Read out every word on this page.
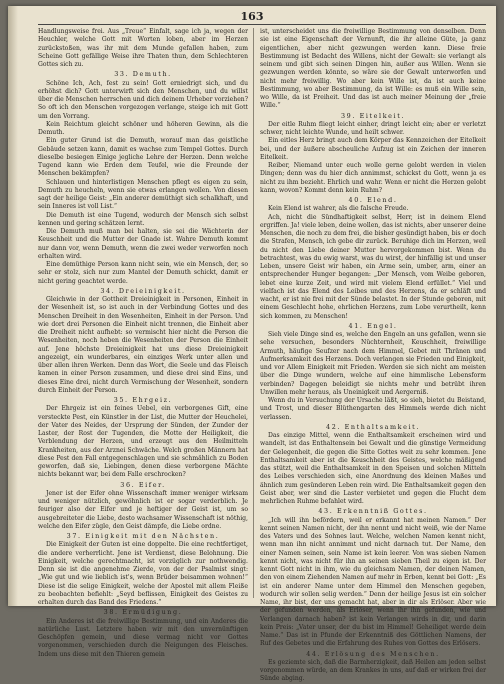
163

Handlungsweise frei. Aus „Treue“ Einfalt, sage ich ja, wegen der Heuchler, welche Gott mit Worten loben, aber im Herzen zurückstoßen, was ihr mit dem Munde gefallen haben, zum Scheine Gott gefällige Weise ihre Thaten thun, dem Schlechteren Gottes sich zu.

33. Demuth.

Schöne Ich, Ach, fest zu sein! Gott erniedrigt sich, und du erhöhst dich? Gott unterwirft sich den Menschen, und du willst über die Menschen herrschen und dich deinem Urheber vorziehen? So oft ich den Menschen vorgezogen verlange, steige ich mit Gott um den Vorrang.

Kein Reichtum gleicht schöner und höheren Gewinn, als die Demuth.

Ein guter Grund ist die Demuth, worauf man das geistliche Gebäude setzen kann, damit es wachse zum Tempel Gottes. Durch dieselbe besiegen Einige jegliche Lehre der Herzen. Denn welche Tugend kann wie Erden dem Teufel, wie die Freunde der Menschen bekämpfen?

Schlauen und hinterlistigen Menschen pflegt es eigen zu sein, Demuth zu heucheln, wenn sie etwas erlangen wollen. Von diesen sagt der heilige Geist: „Ein anderer demüthigt sich schalkhaft, und sein Inneres ist voll List.“

Die Demuth ist eine Tugend, wodurch der Mensch sich selbst kennen und gering schätzen lernt.

Die Demuth muß man bei halten, sie sei die Wächterin der Keuschheit und die Mutter der Gnade ist. Wahre Demuth kommt nur dann vor, wenn Demuth, wenn die zwei weder verworfen noch erhalten wird.

Eine demüthige Person kann nicht sein, wie ein Mensch, der, so sehr er stolz, sich nur zum Mantel der Demuth schickt, damit er nicht gering geachtet werde.

34. Dreieinigkeit.

Gleichwie in der Gottheit Dreieinigkeit in Personen, Einheit in der Wesenheit ist, so ist auch in der Verbindung Gottes und des Menschen Dreiheit in den Wesenheiten, Einheit in der Person. Und wie dort drei Personen die Einheit nicht trennen, die Einheit aber die Dreiheit nicht aufhebt: so vermischt hier nicht die Person die Wesenheiten, noch heben die Wesenheiten der Person die Einheit auf. Jene höchste Dreieinigkeit hat uns diese Dreieinigkeit angezeigt, ein wunderbares, ein einziges Werk unter allen und über allen ihren Werken. Denn das Wort, die Seele und das Fleisch kamen in einer Person zusammen, und diese drei sind Eins, und dieses Eine drei, nicht durch Vermischung der Wesenheit, sondern durch Einheit der Person.

35. Ehrgeiz.

Der Ehrgeiz ist ein feines Uebel, ein verborgenes Gift, eine versteckte Pest, ein Künstler in der List, die Mutter der Heuchelei, der Vater des Neides, der Ursprung der Sünden, der Zunder der Laster, der Rost der Tugenden, die Motte der Heiligkeit, die Verblendung der Herzen, und erzeugt aus den Heilmitteln Krankheiten, aus der Arznei Schwäche. Welch großen Männern hat diese Pest den Fall entgegenschlagen und sie schmählich zu Boden geworfen, daß sie, Liebingen, denen diese verborgene Mächte nichts bekannt war, bei dem Falle erschrocken?

36. Eifer.

Jener ist der Eifer ohne Wissenschaft immer weniger wirksam und weniger nützlich, gewöhnlich ist er sogar verderblich. Je feuriger also der Eifer und je heftiger der Geist ist, um so ausgebreiteter die Liebe, desto wachsamer Wissenschaft ist nöthig, welche den Eifer zügle, den Geist dämpfe, die Liebe ordne.

37. Einigkeit mit den Nächsten.

Die Einigkeit der Guten ist eine doppelte. Die eine rechtfertiget, die andere verherrlicht. Jene ist Verdienst, diese Belohnung. Die Einigkeit, welche gerechtmacht, ist vorzüglich zur nothwendig. Denn sie ist die angenehme Zierde, von der der Psalmist singt: „Wie gut und wie lieblich ist's, wenn Brüder beisammen wohnen!“ Diese ist die selige Einigkeit, welche der Apostel mit allem Fleiße zu beobachten befiehlt: „Seyd beflissen, Einigkeit des Geistes zu erhalten durch das Band des Friedens.“

38. Ermüdigung.

Ein Anderes ist die freiwillige Bestimmung, und ein Anderes die natürliche Lust. Letztere haben wir mit den unvernünftigen Geschöpfen gemein, und diese vermag nicht vor Gottes vorgenommen, verschieden durch die Neigungen des Fleisches. Indem uns diese mit den Thieren gemein

ist, unterscheidet uns die freiwillige Bestimmung von denselben. Denn sie ist eine Eigenschaft der Vernunft, die ihr alleine Güte, ja ganz eigentlichen, aber nicht gezwungen werden kann. Diese freie Bestimmung ist Bedacht des Willens, nicht der Gewalt: sie verlangt als seinem und gibt sich seinen Dingen hin, außer aus Willen. Wenn sie gezwungen werden könnte, so wäre sie der Gewalt unterworfen und nicht mehr freiwillig. Wo aber kein Wille ist, da ist auch keine Bestimmung, wo aber Bestimmung, da ist Wille: es muß ein Wille sein, wo Wille, da ist Freiheit. Und das ist auch meiner Meinung der „freie Wille.“

39. Eitelkeit.

Der eitle Ruhm fliegt leicht einher, dringt leicht ein; aber er verletzt schwer, nicht leichte Wunde, und heilt schwer.

Ein eitles Herz bringt auch dem Körper das Kennzeichen der Eitelkeit bei, und der äußere abscheuliche Aufzug ist ein Zeichen der inneren Eitelkeit.

Reiber, Niemand unter euch wolle gerne gelobt werden in vielen Dingen; denn was du hier dich annimmst, schickst du Gott, wenn ja es nicht zu ihm bezieht. Ehrlich und wahr. Wenn er nicht die Herzen gelobt kann, wovon? Kommt denn kein Ruhm?

40. Elend.

Kein Elend ist wahrer, als die falsche Freude.

Ach, nicht die Sündhaftigkeit selbst, Herr, ist in deinem Elend ergriffen. Ja! viele leben, deine wollen, das ist nichts, aber unserer deine Menschen, die noch zu dem frei, die bisher gesündigt haben, bis er doch die Strafen, Mensch, ich gebe dir zurück. Beruhige dich im Herzen, weil du nicht den Liebe deiner Mutter hervorgekommen bist. Wenn du betrachtest, was du ewig warst, was du wirst, der hinfällig ist und unser Leben, unsere Geist wir haben, ein Arme sein, umber, arm, einer an entsprechender Hunger begangen: „Der Mensch, vom Weibe geboren, lebet eine kurze Zeit, und wird mit vielem Elend erfüllet.“ Viel und vielfach ist das Elend des Leibes und des Herzens, da er schläft und wacht, er ist nie frei mit der Sünde belastet. In der Stunde geboren, mit einem Geschlecht hohe, ehrlichen Herzens, zum Lobe verurtheilt, kenn sich kommen, zu Menschen!

41. Engel.

Sieh viele Dinge sind es, welche den Engeln an uns gefallen, wenn sie sehe versuchen, besonders Nüchternheit, Keuschheit, freiwillige Armuth, häufige Seufzer nach dem Himmel, Gebet mit Thränen und Aufmerksamkeit des Herzens. Doch verlangen sie Frieden und Einigkeit, und vor Allem Einigkeit mit Frieden. Werden sie sich nicht am meisten über die Dinge wundern, welche auf eine himmlische Lebensform verbinden? Dagegen beleidigt sie nichts mehr und betrübt ihren Unwillen mehr heraus, als Uneinigkeit und Aergerniß.

Wenn du in Versuchung der Ursache läßt, so sieh, bietet du Beistand, und Trost, und dieser Blüthengarten des Himmels werde dich nicht verlassen.

42. Enthaltsamkeit.

Das einzige Mittel, wenn die Enthaltsamkeit erscheinen wird und wandelt, ist das Enthaltensein bei Gewalt und die günstige Vermeidung der Gelegenheit, die gegen die Sitte Gottes weit zu sehr kommen. Jene Enthaltsamkeit aber ist die Keuschheit des Geistes, welche mäßigend das stützt, weil die Enthaltsamkeit in den Speisen und solchen Mitteln des Leibes verschieden sich, eine Anordnung des kleinen Maßes und ähnlich zum gesünderen Leben rein wird. Die Enthaltsamkeit gegen den Geist aber, wer sind die Laster verbietet und gegen die Flucht dem mehrlichen Ruhme befahlet wird.

43. Erkenntniß Gottes.

„Ich will ihn befördern, weil er erkannt hat meinen Namen.“ Der kennt seinen Namen nicht, der ihn nennt und nicht weiß, wie der Name des Vaters und des Sohnes laut. Welche, welchen Namen kennt nicht, wenn man ihn nicht annimmt und nicht darnach tut. Der Name, den einer Namen seinen, sein Name ist kein leerer. Von was sieben Namen kennt nicht, was nicht für ihn an seinen sieben Theil zu eigen ist. Der kennt Gott nicht in ihm, wie du gleichsam Namen, der deinen Namen, den von einem Ziehenden Namen auf mehr in Erben, kennt bei Gott: „Es ist ein anderer Name unter dem Himmel den Menschen gegeben, wodurch wir sollen selig werden.“ Denn der heilige Jesus ist ein solcher Name, ihr bist, der uns gemacht hat, aber in dir als Erlöser. Aber wie der gefunden werden, als Erlöser, wenn ihr ihn gefunden, wie und Verlangen darnach haben? ist kein Verlangen wirds in dir, und darin kein Preis: „Vater unser, der du bist im Himmel! Geheiliget werde dein Name.“ Das ist in Pfunde der Erkenntniß des Göttlichen Namens, der Ruf des Gebetes und die Erfahrung des Ruhes von Gottes des Erlösers.

44. Erlösung des Menschen.

Es geziemte sich, daß die Barmherzigkeit, daß Heilen am jeden selbst vorgenommen würde, an dem Krankes in uns, auf daß er wirken frei der Sünde abging.
